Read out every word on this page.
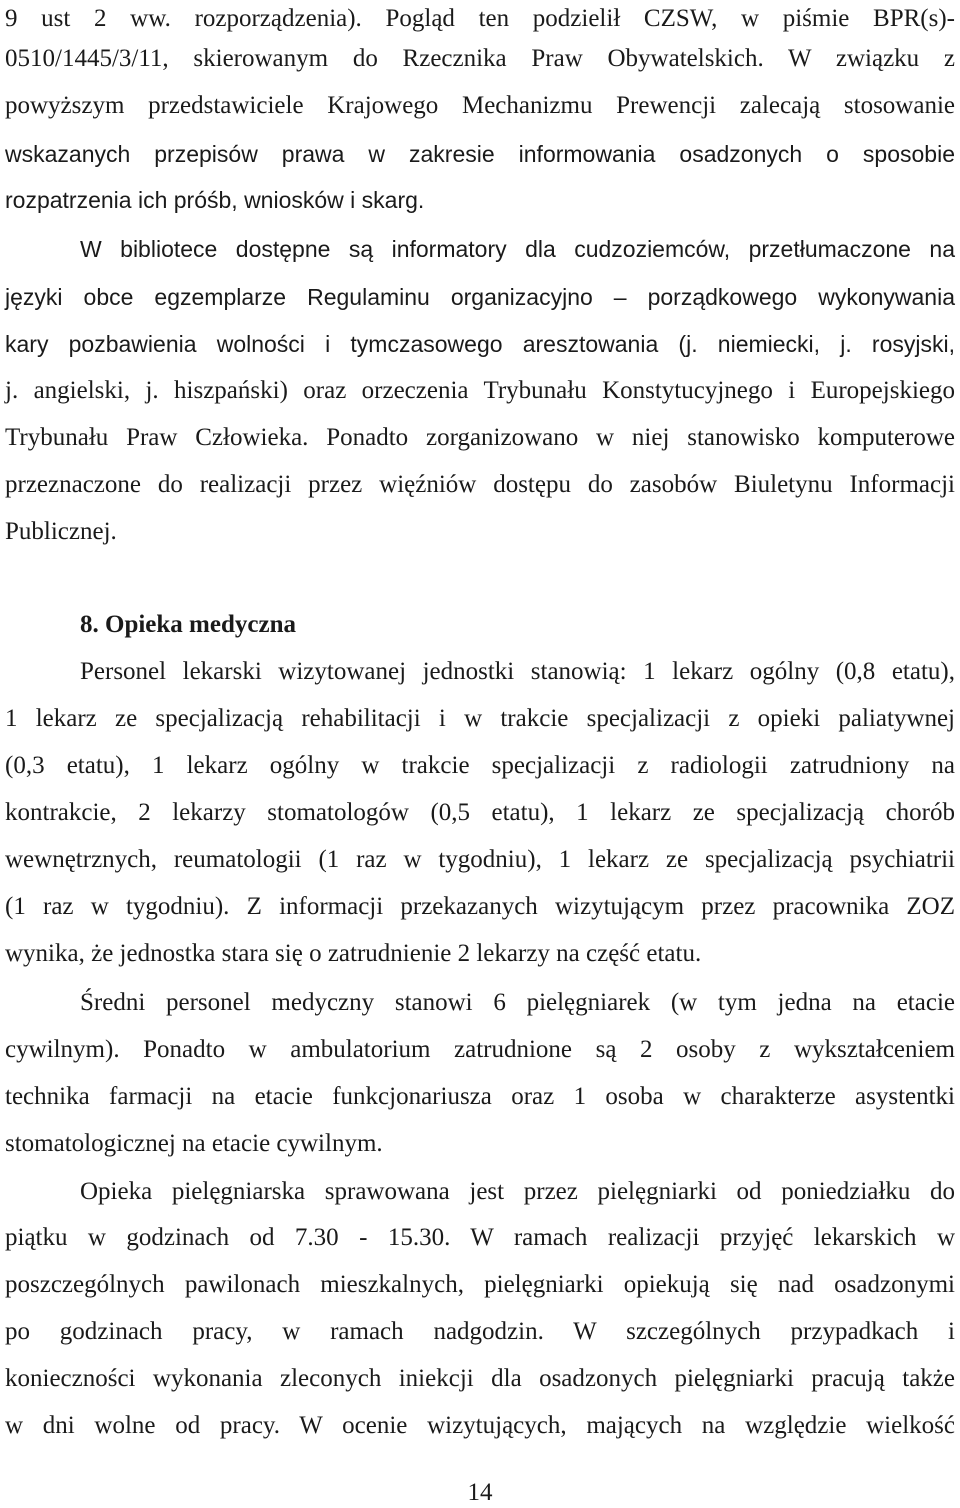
9 ust 2 ww. rozporządzenia). Pogląd ten podzielił CZSW, w piśmie BPR(s)-
0510/1445/3/11, skierowanym do Rzecznika Praw Obywatelskich. W związku z
powyższym przedstawiciele Krajowego Mechanizmu Prewencji zalecają stosowanie
wskazanych przepisów prawa w zakresie informowania osadzonych o sposobie
rozpatrzenia ich próśb, wniosków i skarg.
W bibliotece dostępne są informatory dla cudzoziemców, przetłumaczone na
języki obce egzemplarze Regulaminu organizacyjno – porządkowego wykonywania
kary pozbawienia wolności i tymczasowego aresztowania (j. niemiecki, j. rosyjski,
j. angielski, j. hiszpański) oraz orzeczenia Trybunału Konstytucyjnego i Europejskiego
Trybunału Praw Człowieka. Ponadto zorganizowano w niej stanowisko komputerowe
przeznaczone do realizacji przez więźniów dostępu do zasobów Biuletynu Informacji
Publicznej.
8. Opieka medyczna
Personel lekarski wizytowanej jednostki stanowią: 1 lekarz ogólny (0,8 etatu),
1 lekarz ze specjalizacją rehabilitacji i w trakcie specjalizacji z opieki paliatywnej
(0,3 etatu), 1 lekarz ogólny w trakcie specjalizacji z radiologii zatrudniony na
kontrakcie, 2 lekarzy stomatologów (0,5 etatu), 1 lekarz ze specjalizacją chorób
wewnętrznych, reumatologii (1 raz w tygodniu), 1 lekarz ze specjalizacją psychiatrii
(1 raz w tygodniu). Z informacji przekazanych wizytującym przez pracownika ZOZ
wynika, że jednostka stara się o zatrudnienie 2 lekarzy na część etatu.
Średni personel medyczny stanowi 6 pielęgniarek (w tym jedna na etacie
cywilnym). Ponadto w ambulatorium zatrudnione są 2 osoby z wykształceniem
technika farmacji na etacie funkcjonariusza oraz 1 osoba w charakterze asystentki
stomatologicznej na etacie cywilnym.
Opieka pielęgniarska sprawowana jest przez pielęgniarki od poniedziałku do
piątku w godzinach od 7.30 - 15.30. W ramach realizacji przyjęć lekarskich w
poszczególnych pawilonach mieszkalnych, pielęgniarki opiekują się nad osadzonymi
po godzinach pracy, w ramach nadgodzin. W szczególnych przypadkach i
konieczności wykonania zleconych iniekcji dla osadzonych pielęgniarki pracują także
w dni wolne od pracy. W ocenie wizytujących, mających na względzie wielkość
14
